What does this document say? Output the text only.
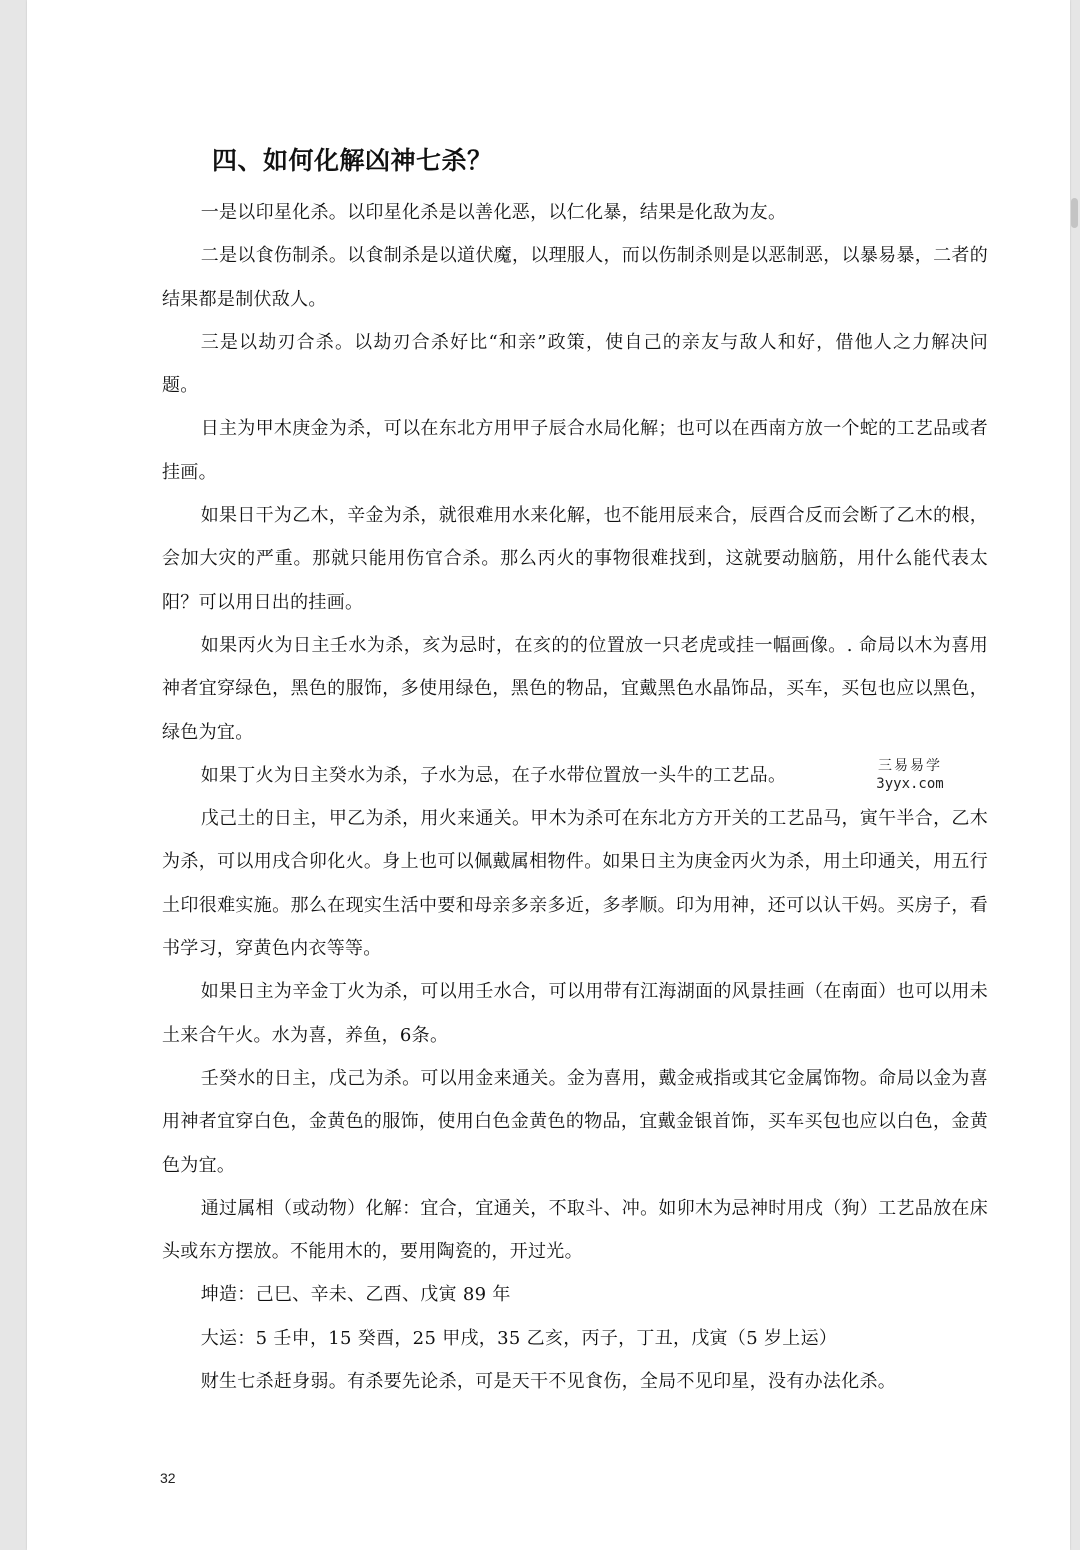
四、如何化解凶神七杀？

一是以印星化杀。以印星化杀是以善化恶，以仁化暴，结果是化敌为友。

二是以食伤制杀。以食制杀是以道伏魔，以理服人，而以伤制杀则是以恶制恶，以暴易暴，二者的结果都是制伏敌人。

三是以劫刃合杀。以劫刃合杀好比“和亲”政策，使自己的亲友与敌人和好，借他人之力解决问题。

日主为甲木庚金为杀，可以在东北方用甲子辰合水局化解；也可以在西南方放一个蛇的工艺品或者挂画。

如果日干为乙木，辛金为杀，就很难用水来化解，也不能用辰来合，辰酉合反而会断了乙木的根，会加大灾的严重。那就只能用伤官合杀。那么丙火的事物很难找到，这就要动脑筋，用什么能代表太阳？可以用日出的挂画。

如果丙火为日主壬水为杀，亥为忌时，在亥的的位置放一只老虎或挂一幅画像。. 命局以木为喜用神者宜穿绿色，黑色的服饰，多使用绿色，黑色的物品，宜戴黑色水晶饰品，买车，买包也应以黑色，绿色为宜。

如果丁火为日主癸水为杀，子水为忌，在子水带位置放一头牛的工艺品。

戊己土的日主，甲乙为杀，用火来通关。甲木为杀可在东北方方开关的工艺品马，寅午半合，乙木为杀，可以用戌合卯化火。身上也可以佩戴属相物件。如果日主为庚金丙火为杀，用土印通关，用五行土印很难实施。那么在现实生活中要和母亲多亲多近，多孝顺。印为用神，还可以认干妈。买房子，看书学习，穿黄色内衣等等。

如果日主为辛金丁火为杀，可以用壬水合，可以用带有江海湖面的风景挂画（在南面）也可以用未土来合午火。水为喜，养鱼，6条。

壬癸水的日主，戊己为杀。可以用金来通关。金为喜用，戴金戒指或其它金属饰物。命局以金为喜用神者宜穿白色，金黄色的服饰，使用白色金黄色的物品，宜戴金银首饰，买车买包也应以白色，金黄色为宜。

通过属相（或动物）化解：宜合，宜通关，不取斗、冲。如卯木为忌神时用戌（狗）工艺品放在床头或东方摆放。不能用木的，要用陶瓷的，开过光。

坤造：己巳、辛未、乙酉、戊寅 89 年

大运：5 壬申，15 癸酉，25 甲戌，35 乙亥，丙子，丁丑，戊寅（5 岁上运）

财生七杀赶身弱。有杀要先论杀，可是天干不见食伤，全局不见印星，没有办法化杀。

三易易学
3yyx.com
32
